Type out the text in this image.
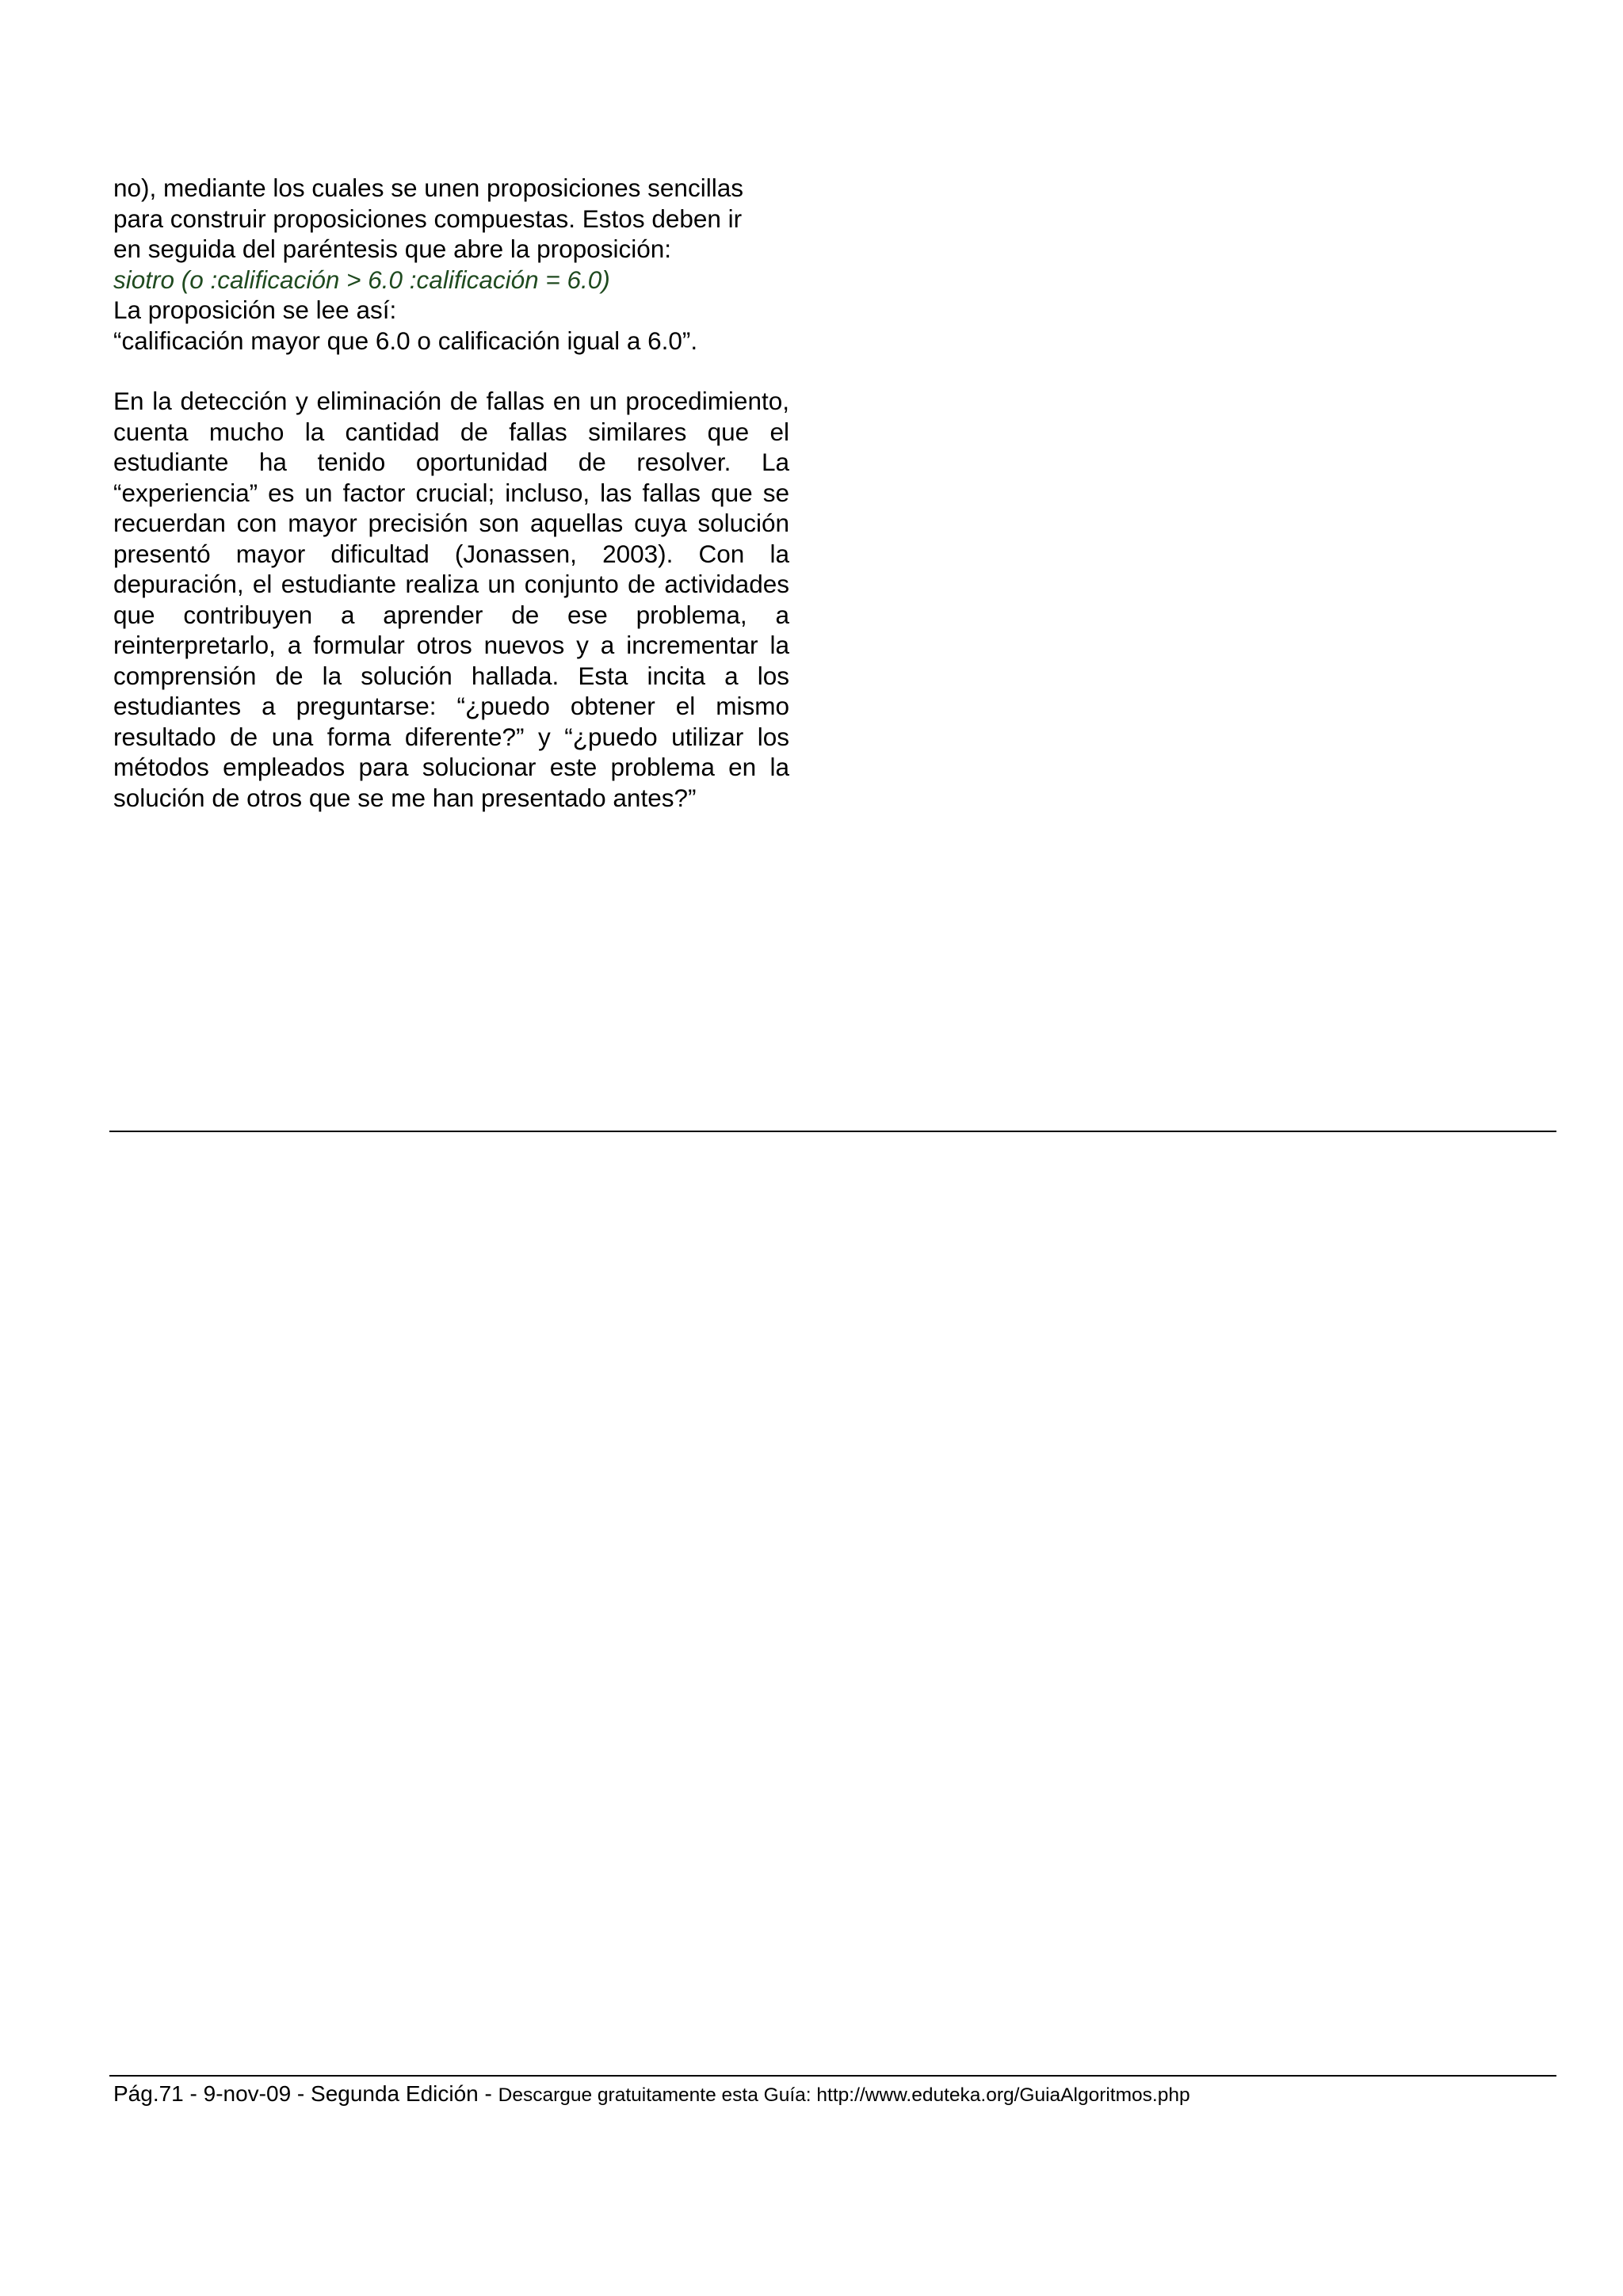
no), mediante los cuales se unen proposiciones sencillas
para construir proposiciones compuestas. Estos deben ir
en seguida del paréntesis que abre la proposición:
siotro (o :calificación > 6.0 :calificación = 6.0)
La proposición se lee así:
“calificación mayor que 6.0 o calificación igual a 6.0”.
En la detección y eliminación de fallas en un procedimiento, cuenta mucho la cantidad de fallas similares que el estudiante ha tenido oportunidad de resolver. La “experiencia” es un factor crucial; incluso, las fallas que se recuerdan con mayor precisión son aquellas cuya solución presentó mayor dificultad (Jonassen, 2003). Con la depuración, el estudiante realiza un conjunto de actividades que contribuyen a aprender de ese problema, a reinterpretarlo, a formular otros nuevos y a incrementar la comprensión de la solución hallada. Esta incita a los estudiantes a preguntarse: “¿puedo obtener el mismo resultado de una forma diferente?” y “¿puedo utilizar los métodos empleados para solucionar este problema en la solución de otros que se me han presentado antes?”
Pág.71 - 9-nov-09 - Segunda Edición - Descargue gratuitamente esta Guía: http://www.eduteka.org/GuiaAlgoritmos.php
